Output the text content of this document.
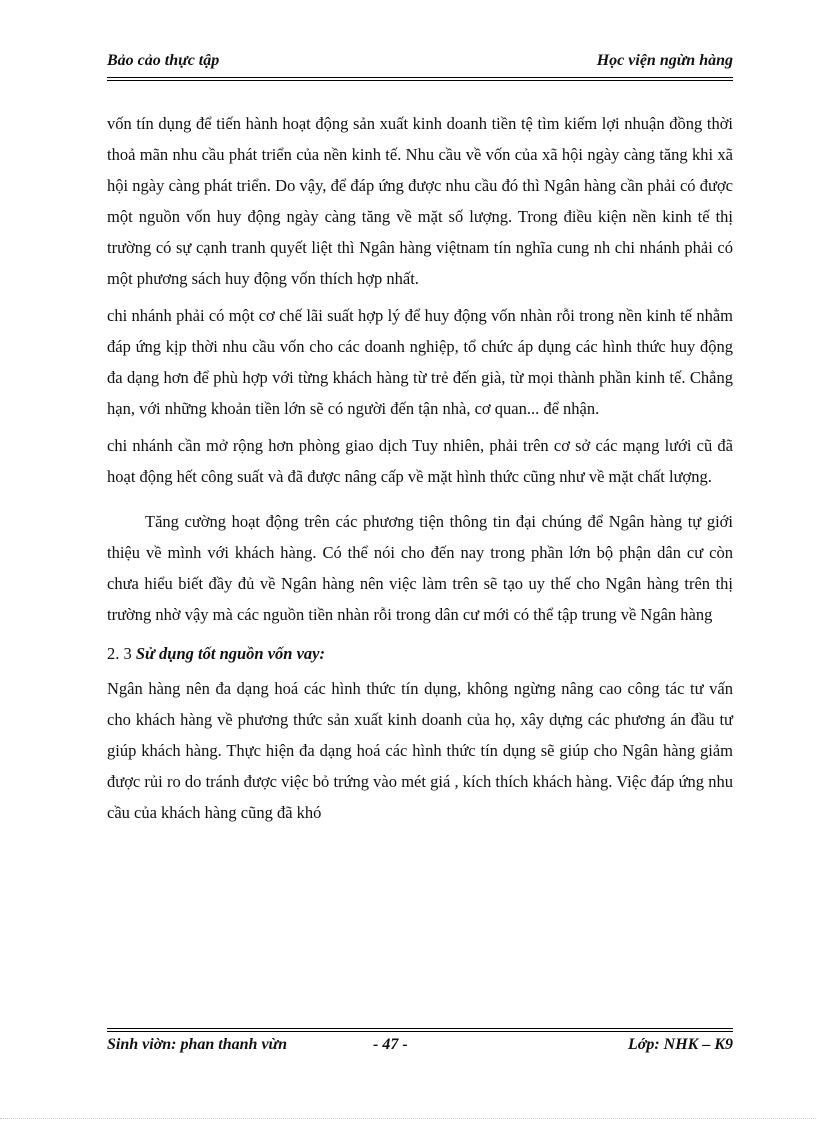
Bảo cảo thực tập	Học viện ngừn hàng

vốn tín dụng để tiến hành hoạt động sản xuất kinh doanh tiền tệ tìm kiếm lợi nhuận đồng thời thoả mãn nhu cầu phát triển của nền kinh tế. Nhu cầu về vốn của xã hội ngày càng tăng khi xã hội ngày càng phát triển. Do vậy, để đáp ứng được nhu cầu đó thì Ngân hàng cần phải có được một nguồn vốn huy động ngày càng tăng về mặt số lượng. Trong điều kiện nền kinh tế thị trường có sự cạnh tranh quyết liệt thì Ngân hàng việtnam tín nghĩa cung nh chi nhánh phải có một phương sách huy động vốn thích hợp nhất.

chi nhánh phải có một cơ chế lãi suất hợp lý để huy động vốn nhàn rỗi trong nền kinh tế nhằm đáp ứng kịp thời nhu cầu vốn cho các doanh nghiệp, tổ chức áp dụng các hình thức huy động đa dạng hơn để phù hợp với từng khách hàng từ trẻ đến già, từ mọi thành phần kinh tế. Chẳng hạn, với những khoản tiền lớn sẽ có người đến tận nhà, cơ quan... để nhận.

chi nhánh cần mở rộng hơn phòng giao dịch Tuy nhiên, phải trên cơ sở các mạng lưới cũ đã hoạt động hết công suất và đã được nâng cấp về mặt hình thức cũng như về mặt chất lượng.

Tăng cường hoạt động trên các phương tiện thông tin đại chúng để Ngân hàng tự giới thiệu về mình với khách hàng. Có thể nói cho đến nay trong phần lớn bộ phận dân cư còn chưa hiểu biết đầy đủ về Ngân hàng nên việc làm trên sẽ tạo uy thế cho Ngân hàng trên thị trường nhờ vậy mà các nguồn tiền nhàn rỗi trong dân cư mới có thể tập trung về Ngân hàng

2. 3 Sử dụng tốt nguồn vốn vay:

Ngân hàng nên đa dạng hoá các hình thức tín dụng, không ngừng nâng cao công tác tư vấn cho khách hàng về phương thức sản xuất kinh doanh của họ, xây dựng các phương án đầu tư giúp khách hàng. Thực hiện đa dạng hoá các hình thức tín dụng sẽ giúp cho Ngân hàng giảm được rủi ro do tránh được việc bỏ trứng vào mét giá , kích thích khách hàng. Việc đáp ứng nhu cầu của khách hàng cũng đã khó

Sinh viờn: phan thanh vừn	- 47 -	Lớp: NHK – K9
